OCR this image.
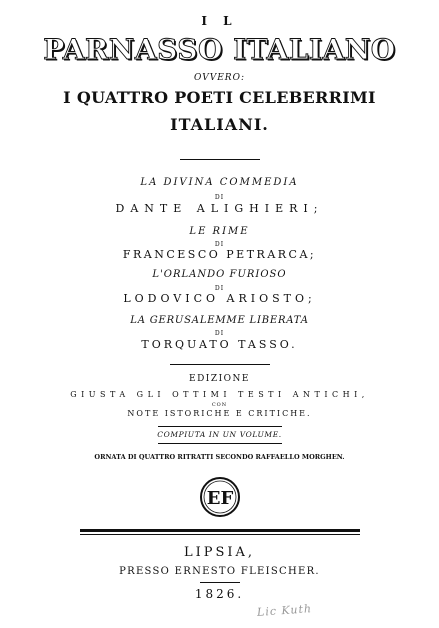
I L
PARNASSO ITALIANO
OVVERO:
I QUATTRO POETI CELEBERRIMI
ITALIANI.
LA DIVINA COMMEDIA
DI
DANTE ALIGHIERI;
LE RIME
DI
FRANCESCO PETRARCA;
L'ORLANDO FURIOSO
DI
LODOVICO ARIOSTO;
LA GERUSALEMME LIBERATA
DI
TORQUATO TASSO.
EDIZIONE
GIUSTA GLI OTTIMI TESTI ANTICHI,
CON
NOTE ISTORICHE E CRITICHE.
COMPIUTA IN UN VOLUME.
ORNATA DI QUATTRO RITRATTI SECONDO RAFFAELLO MORGHEN.
EF
LIPSIA,
PRESSO ERNESTO FLEISCHER.
1826.
Lic Kuth
